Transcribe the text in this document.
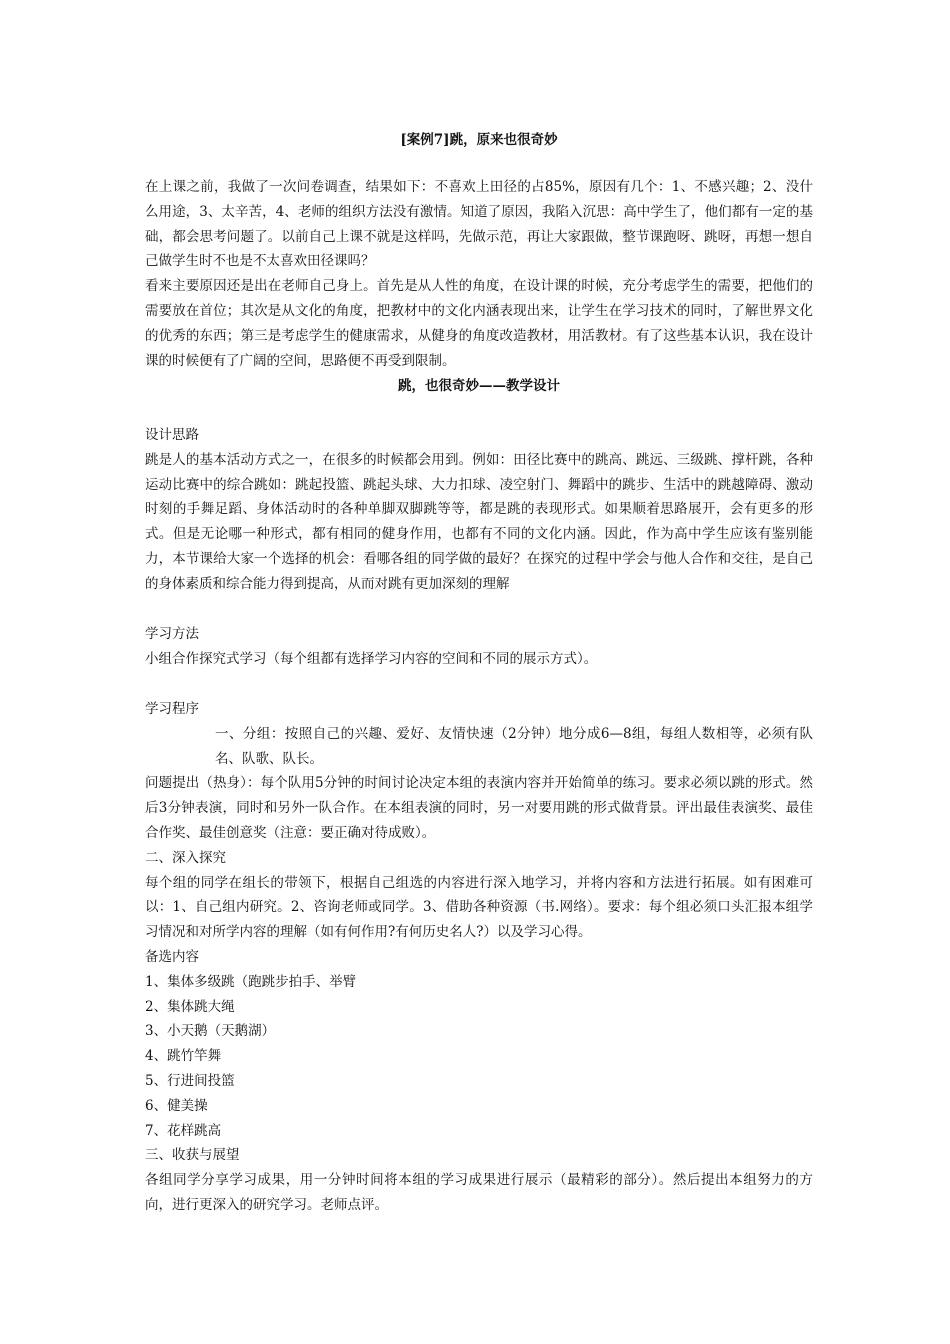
[案例7]跳，原来也很奇妙

在上课之前，我做了一次问卷调查，结果如下：不喜欢上田径的占85%，原因有几个：1、不感兴趣；2、没什么用途，3、太辛苦，4、老师的组织方法没有激情。知道了原因，我陷入沉思：高中学生了，他们都有一定的基础，都会思考问题了。以前自己上课不就是这样吗，先做示范，再让大家跟做，整节课跑呀、跳呀，再想一想自己做学生时不也是不太喜欢田径课吗？

看来主要原因还是出在老师自己身上。首先是从人性的角度，在设计课的时候，充分考虑学生的需要，把他们的需要放在首位；其次是从文化的角度，把教材中的文化内涵表现出来，让学生在学习技术的同时，了解世界文化的优秀的东西；第三是考虑学生的健康需求，从健身的角度改造教材，用活教材。有了这些基本认识，我在设计课的时候便有了广阔的空间，思路便不再受到限制。

跳，也很奇妙——教学设计

设计思路

跳是人的基本活动方式之一，在很多的时候都会用到。例如：田径比赛中的跳高、跳远、三级跳、撑杆跳，各种运动比赛中的综合跳如：跳起投篮、跳起头球、大力扣球、凌空射门、舞蹈中的跳步、生活中的跳越障碍、激动时刻的手舞足蹈、身体活动时的各种单脚双脚跳等等，都是跳的表现形式。如果顺着思路展开，会有更多的形式。但是无论哪一种形式，都有相同的健身作用，也都有不同的文化内涵。因此，作为高中学生应该有鉴别能力，本节课给大家一个选择的机会：看哪各组的同学做的最好？在探究的过程中学会与他人合作和交往，是自己的身体素质和综合能力得到提高，从而对跳有更加深刻的理解

学习方法

小组合作探究式学习（每个组都有选择学习内容的空间和不同的展示方式）。

学习程序

一、分组：按照自己的兴趣、爱好、友情快速（2分钟）地分成6—8组，每组人数相等，必须有队名、队歌、队长。

问题提出（热身）：每个队用5分钟的时间讨论决定本组的表演内容并开始简单的练习。要求必须以跳的形式。然后3分钟表演，同时和另外一队合作。在本组表演的同时，另一对要用跳的形式做背景。评出最佳表演奖、最佳合作奖、最佳创意奖（注意：要正确对待成败）。

二、深入探究

每个组的同学在组长的带领下，根据自己组选的内容进行深入地学习，并将内容和方法进行拓展。如有困难可以：1、自己组内研究。2、咨询老师或同学。3、借助各种资源（书.网络）。要求：每个组必须口头汇报本组学习情况和对所学内容的理解（如有何作用?有何历史名人?）以及学习心得。

备选内容

1、集体多级跳（跑跳步拍手、举臂
2、集体跳大绳
3、小天鹅（天鹅湖）
4、跳竹竿舞
5、行进间投篮
6、健美操
7、花样跳高

三、收获与展望

各组同学分享学习成果，用一分钟时间将本组的学习成果进行展示（最精彩的部分）。然后提出本组努力的方向，进行更深入的研究学习。老师点评。
